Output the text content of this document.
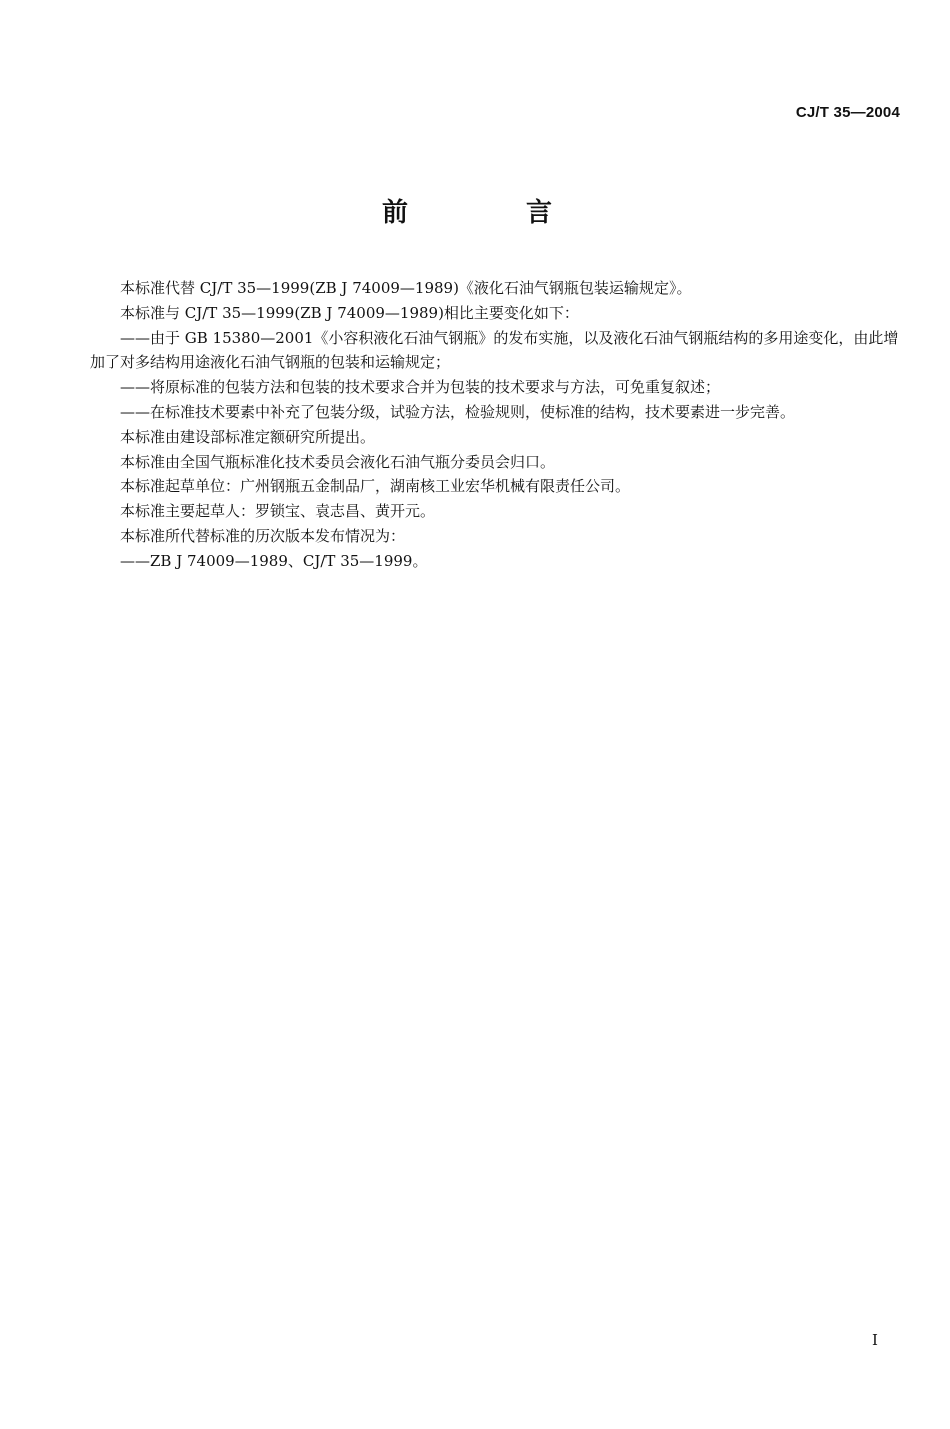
CJ/T 35—2004
前　言

本标准代替 CJ/T 35—1999(ZB J 74009—1989)《液化石油气钢瓶包装运输规定》。

本标准与 CJ/T 35—1999(ZB J 74009—1989)相比主要变化如下：

——由于 GB 15380—2001《小容积液化石油气钢瓶》的发布实施，以及液化石油气钢瓶结构的多用途变化，由此增加了对多结构用途液化石油气钢瓶的包装和运输规定；

——将原标准的包装方法和包装的技术要求合并为包装的技术要求与方法，可免重复叙述；

——在标准技术要素中补充了包装分级，试验方法，检验规则，使标准的结构，技术要素进一步完善。

本标准由建设部标准定额研究所提出。

本标准由全国气瓶标准化技术委员会液化石油气瓶分委员会归口。

本标准起草单位：广州钢瓶五金制品厂，湖南核工业宏华机械有限责任公司。

本标准主要起草人：罗锁宝、袁志昌、黄开元。

本标准所代替标准的历次版本发布情况为：

——ZB J 74009—1989、CJ/T 35—1999。

I
